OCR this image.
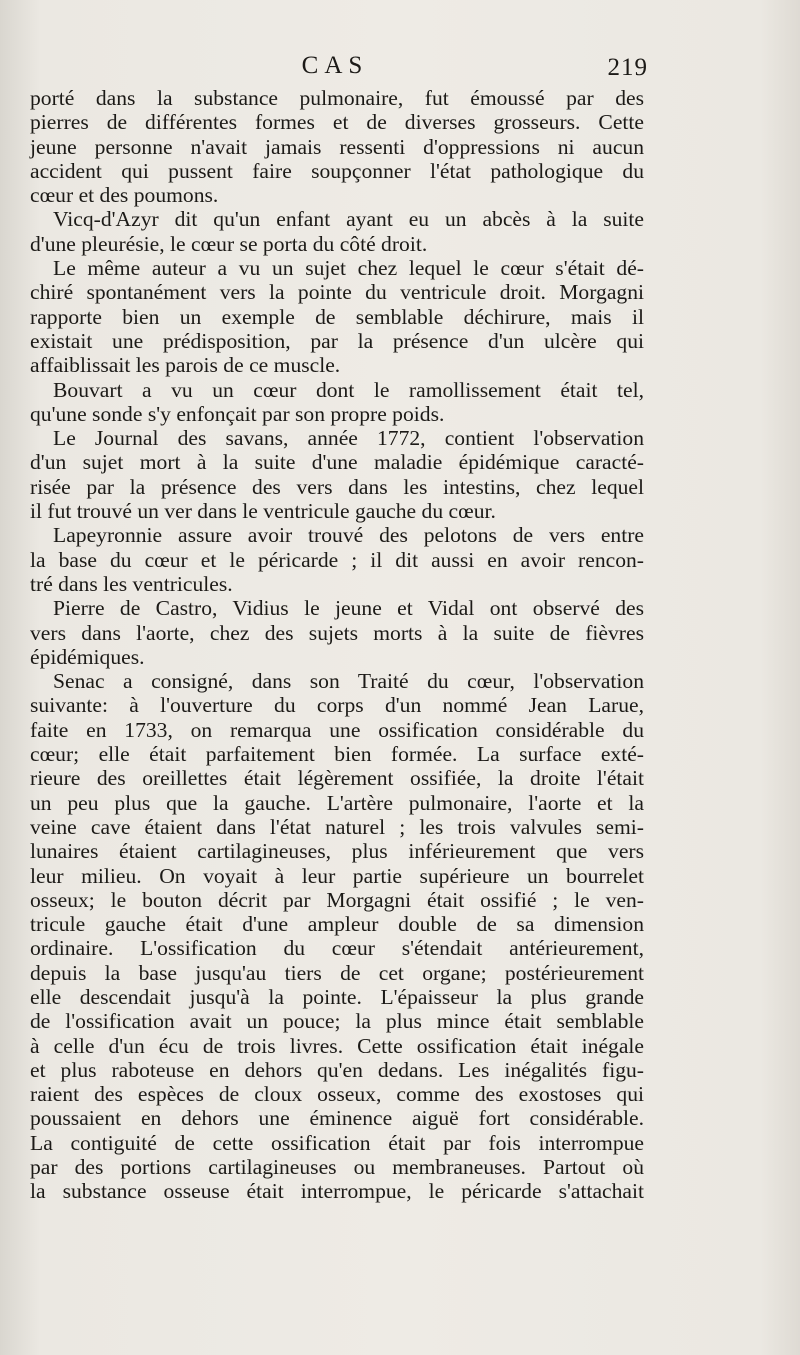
CAS	219
porté dans la substance pulmonaire, fut émoussé par des
pierres de différentes formes et de diverses grosseurs. Cette
jeune personne n'avait jamais ressenti d'oppressions ni aucun
accident qui pussent faire soupçonner l'état pathologique du
cœur et des poumons.
Vicq-d'Azyr dit qu'un enfant ayant eu un abcès à la suite
d'une pleurésie, le cœur se porta du côté droit.
Le même auteur a vu un sujet chez lequel le cœur s'était dé-
chiré spontanément vers la pointe du ventricule droit. Morgagni
rapporte bien un exemple de semblable déchirure, mais il
existait une prédisposition, par la présence d'un ulcère qui
affaiblissait les parois de ce muscle.
Bouvart a vu un cœur dont le ramollissement était tel,
qu'une sonde s'y enfonçait par son propre poids.
Le Journal des savans, année 1772, contient l'observation
d'un sujet mort à la suite d'une maladie épidémique caracté-
risée par la présence des vers dans les intestins, chez lequel
il fut trouvé un ver dans le ventricule gauche du cœur.
Lapeyronnie assure avoir trouvé des pelotons de vers entre
la base du cœur et le péricarde ; il dit aussi en avoir rencon-
tré dans les ventricules.
Pierre de Castro, Vidius le jeune et Vidal ont observé des
vers dans l'aorte, chez des sujets morts à la suite de fièvres
épidémiques.
Senac a consigné, dans son Traité du cœur, l'observation
suivante: à l'ouverture du corps d'un nommé Jean Larue,
faite en 1733, on remarqua une ossification considérable du
cœur; elle était parfaitement bien formée. La surface exté-
rieure des oreillettes était légèrement ossifiée, la droite l'était
un peu plus que la gauche. L'artère pulmonaire, l'aorte et la
veine cave étaient dans l'état naturel ; les trois valvules semi-
lunaires étaient cartilagineuses, plus inférieurement que vers
leur milieu. On voyait à leur partie supérieure un bourrelet
osseux; le bouton décrit par Morgagni était ossifié ; le ven-
tricule gauche était d'une ampleur double de sa dimension
ordinaire. L'ossification du cœur s'étendait antérieurement,
depuis la base jusqu'au tiers de cet organe; postérieurement
elle descendait jusqu'à la pointe. L'épaisseur la plus grande
de l'ossification avait un pouce; la plus mince était semblable
à celle d'un écu de trois livres. Cette ossification était inégale
et plus raboteuse en dehors qu'en dedans. Les inégalités figu-
raient des espèces de cloux osseux, comme des exostoses qui
poussaient en dehors une éminence aiguë fort considérable.
La contiguité de cette ossification était par fois interrompue
par des portions cartilagineuses ou membraneuses. Partout où
la substance osseuse était interrompue, le péricarde s'attachait
